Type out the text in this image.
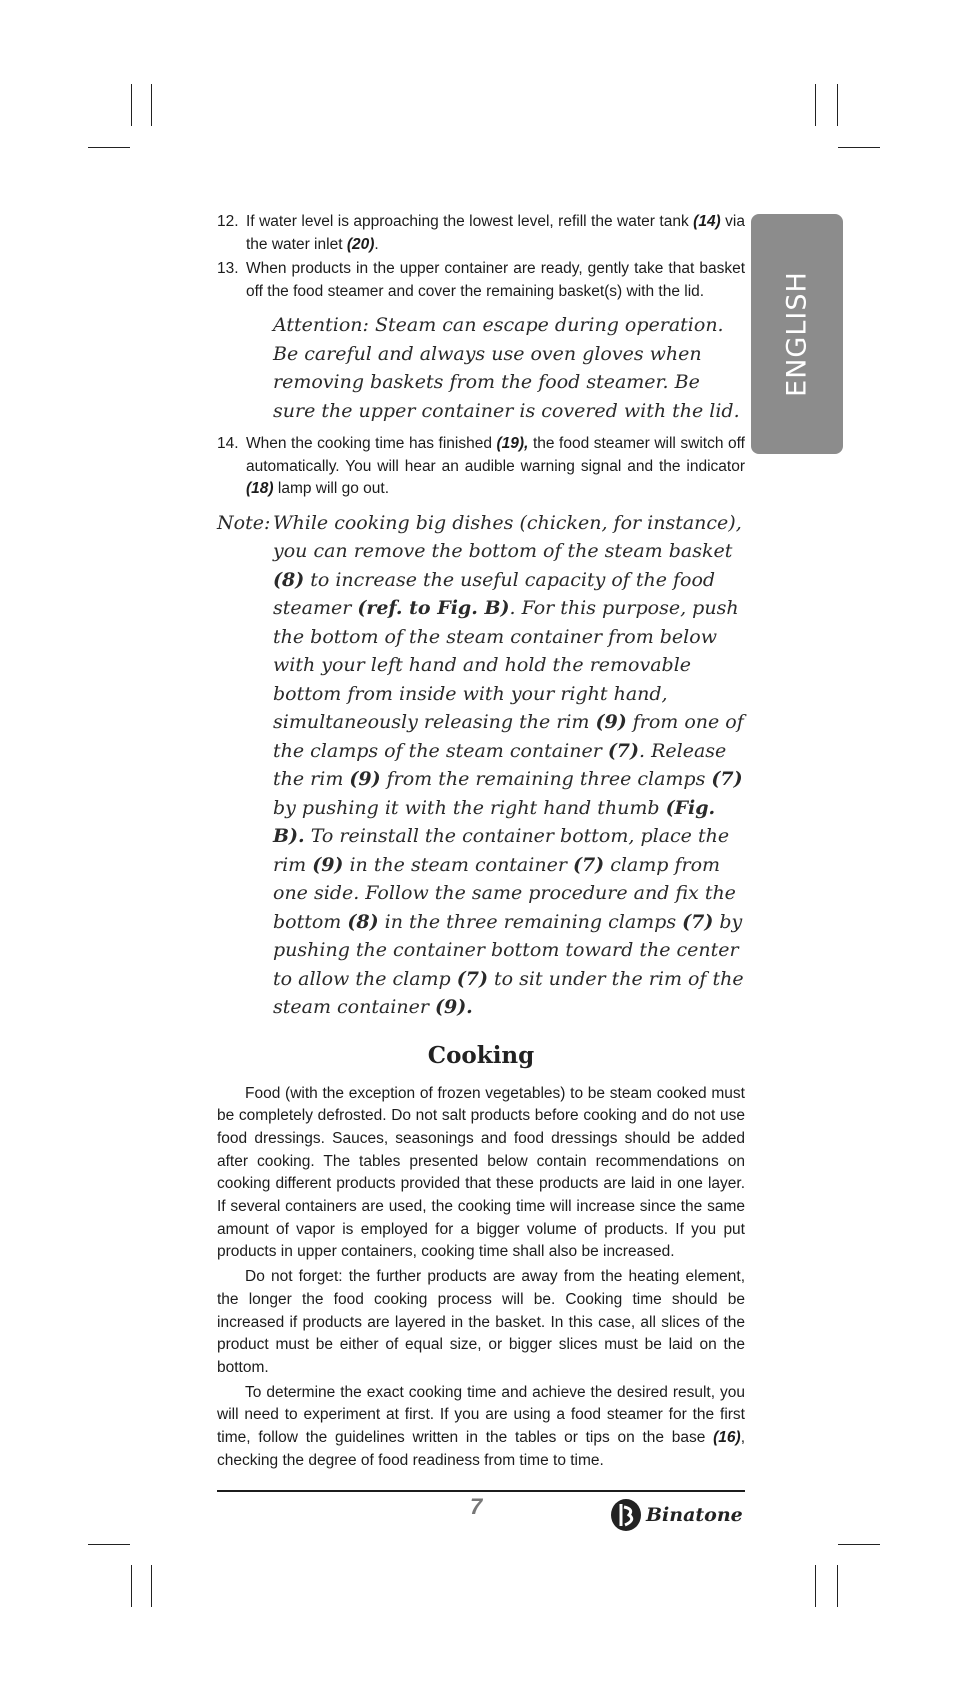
ENGLISH
12. If water level is approaching the lowest level, refill the water tank (14) via the water inlet (20).
13. When products in the upper container are ready, gently take that basket off the food steamer and cover the remaining basket(s) with the lid.
Attention: Steam can escape during operation. Be careful and always use oven gloves when removing baskets from the food steamer. Be sure the upper container is covered with the lid.
14. When the cooking time has finished (19), the food steamer will switch off automatically. You will hear an audible warning signal and the indicator (18) lamp will go out.
Note: While cooking big dishes (chicken, for instance), you can remove the bottom of the steam basket (8) to increase the useful capacity of the food steamer (ref. to Fig. B). For this purpose, push the bottom of the steam container from below with your left hand and hold the removable bottom from inside with your right hand, simultaneously releasing the rim (9) from one of the clamps of the steam container (7). Release the rim (9) from the remaining three clamps (7) by pushing it with the right hand thumb (Fig. B). To reinstall the container bottom, place the rim (9) in the steam container (7) clamp from one side. Follow the same procedure and fix the bottom (8) in the three remaining clamps (7) by pushing the container bottom toward the center to allow the clamp (7) to sit under the rim of the steam container (9).
Cooking

Food (with the exception of frozen vegetables) to be steam cooked must be completely defrosted. Do not salt products before cooking and do not use food dressings. Sauces, seasonings and food dressings should be added after cooking. The tables presented below contain recommendations on cooking different products provided that these products are laid in one layer. If several containers are used, the cooking time will increase since the same amount of vapor is employed for a bigger volume of products. If you put products in upper containers, cooking time shall also be increased.

Do not forget: the further products are away from the heating element, the longer the food cooking process will be. Cooking time should be increased if products are layered in the basket. In this case, all slices of the product must be either of equal size, or bigger slices must be laid on the bottom.

To determine the exact cooking time and achieve the desired result, you will need to experiment at first. If you are using a food steamer for the first time, follow the guidelines written in the tables or tips on the base (16), checking the degree of food readiness from time to time.

7	Binatone
